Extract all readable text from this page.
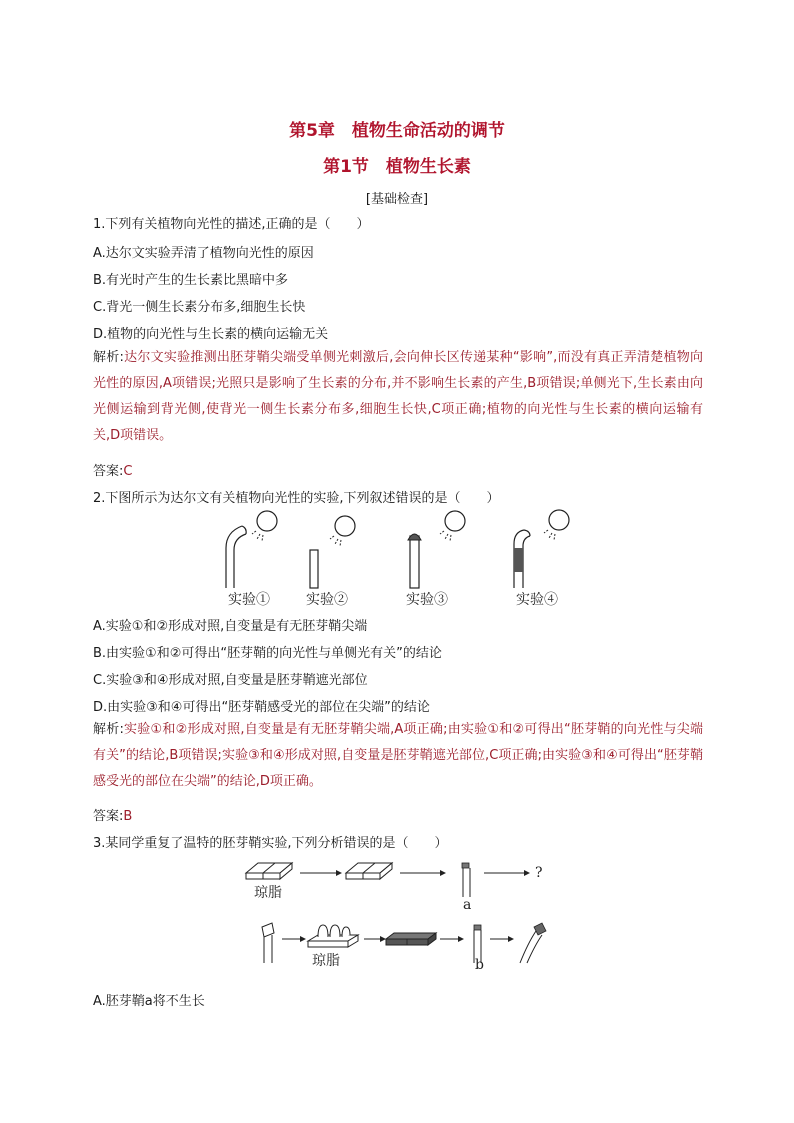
第5章　植物生命活动的调节
第1节　植物生长素
[基础检查]
1.下列有关植物向光性的描述,正确的是（　　）
A.达尔文实验弄清了植物向光性的原因
B.有光时产生的生长素比黑暗中多
C.背光一侧生长素分布多,细胞生长快
D.植物的向光性与生长素的横向运输无关
解析:达尔文实验推测出胚芽鞘尖端受单侧光刺激后,会向伸长区传递某种“影响”,而没有真正弄清楚植物向光性的原因,A项错误;光照只是影响了生长素的分布,并不影响生长素的产生,B项错误;单侧光下,生长素由向光侧运输到背光侧,使背光一侧生长素分布多,细胞生长快,C项正确;植物的向光性与生长素的横向运输有关,D项错误。
答案:C
2.下图所示为达尔文有关植物向光性的实验,下列叙述错误的是（　　）
实验①	实验②	实验③	实验④
A.实验①和②形成对照,自变量是有无胚芽鞘尖端
B.由实验①和②可得出“胚芽鞘的向光性与单侧光有关”的结论
C.实验③和④形成对照,自变量是胚芽鞘遮光部位
D.由实验③和④可得出“胚芽鞘感受光的部位在尖端”的结论
解析:实验①和②形成对照,自变量是有无胚芽鞘尖端,A项正确;由实验①和②可得出“胚芽鞘的向光性与尖端有关”的结论,B项错误;实验③和④形成对照,自变量是胚芽鞘遮光部位,C项正确;由实验③和④可得出“胚芽鞘感受光的部位在尖端”的结论,D项正确。
答案:B
3.某同学重复了温特的胚芽鞘实验,下列分析错误的是（　　）
琼脂
a
?
琼脂	b
A.胚芽鞘a将不生长
